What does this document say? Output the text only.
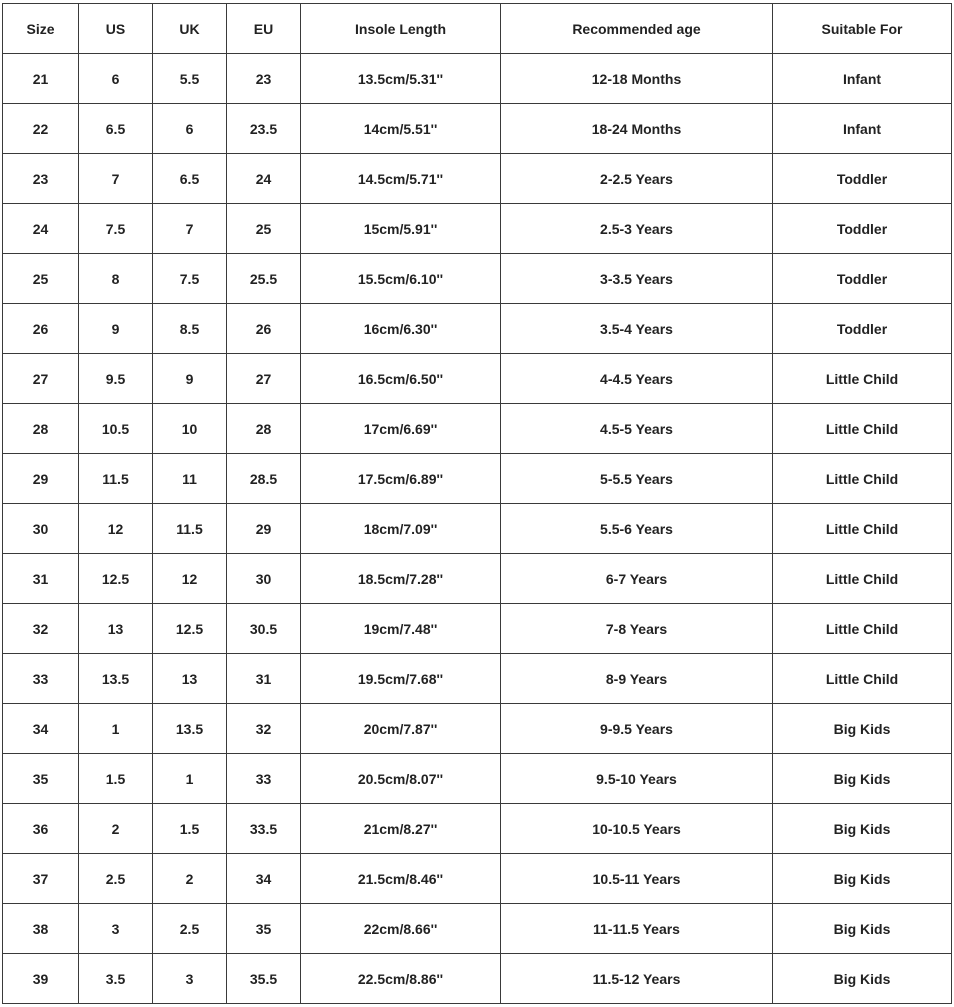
Size	US	UK	EU	Insole Length	Recommended age	Suitable For
21	6	5.5	23	13.5cm/5.31''	12-18 Months	Infant
22	6.5	6	23.5	14cm/5.51''	18-24 Months	Infant
23	7	6.5	24	14.5cm/5.71''	2-2.5 Years	Toddler
24	7.5	7	25	15cm/5.91''	2.5-3 Years	Toddler
25	8	7.5	25.5	15.5cm/6.10''	3-3.5 Years	Toddler
26	9	8.5	26	16cm/6.30''	3.5-4 Years	Toddler
27	9.5	9	27	16.5cm/6.50''	4-4.5 Years	Little Child
28	10.5	10	28	17cm/6.69''	4.5-5 Years	Little Child
29	11.5	11	28.5	17.5cm/6.89''	5-5.5 Years	Little Child
30	12	11.5	29	18cm/7.09''	5.5-6 Years	Little Child
31	12.5	12	30	18.5cm/7.28''	6-7 Years	Little Child
32	13	12.5	30.5	19cm/7.48''	7-8 Years	Little Child
33	13.5	13	31	19.5cm/7.68''	8-9 Years	Little Child
34	1	13.5	32	20cm/7.87''	9-9.5 Years	Big Kids
35	1.5	1	33	20.5cm/8.07''	9.5-10 Years	Big Kids
36	2	1.5	33.5	21cm/8.27''	10-10.5 Years	Big Kids
37	2.5	2	34	21.5cm/8.46''	10.5-11 Years	Big Kids
38	3	2.5	35	22cm/8.66''	11-11.5 Years	Big Kids
39	3.5	3	35.5	22.5cm/8.86''	11.5-12 Years	Big Kids
